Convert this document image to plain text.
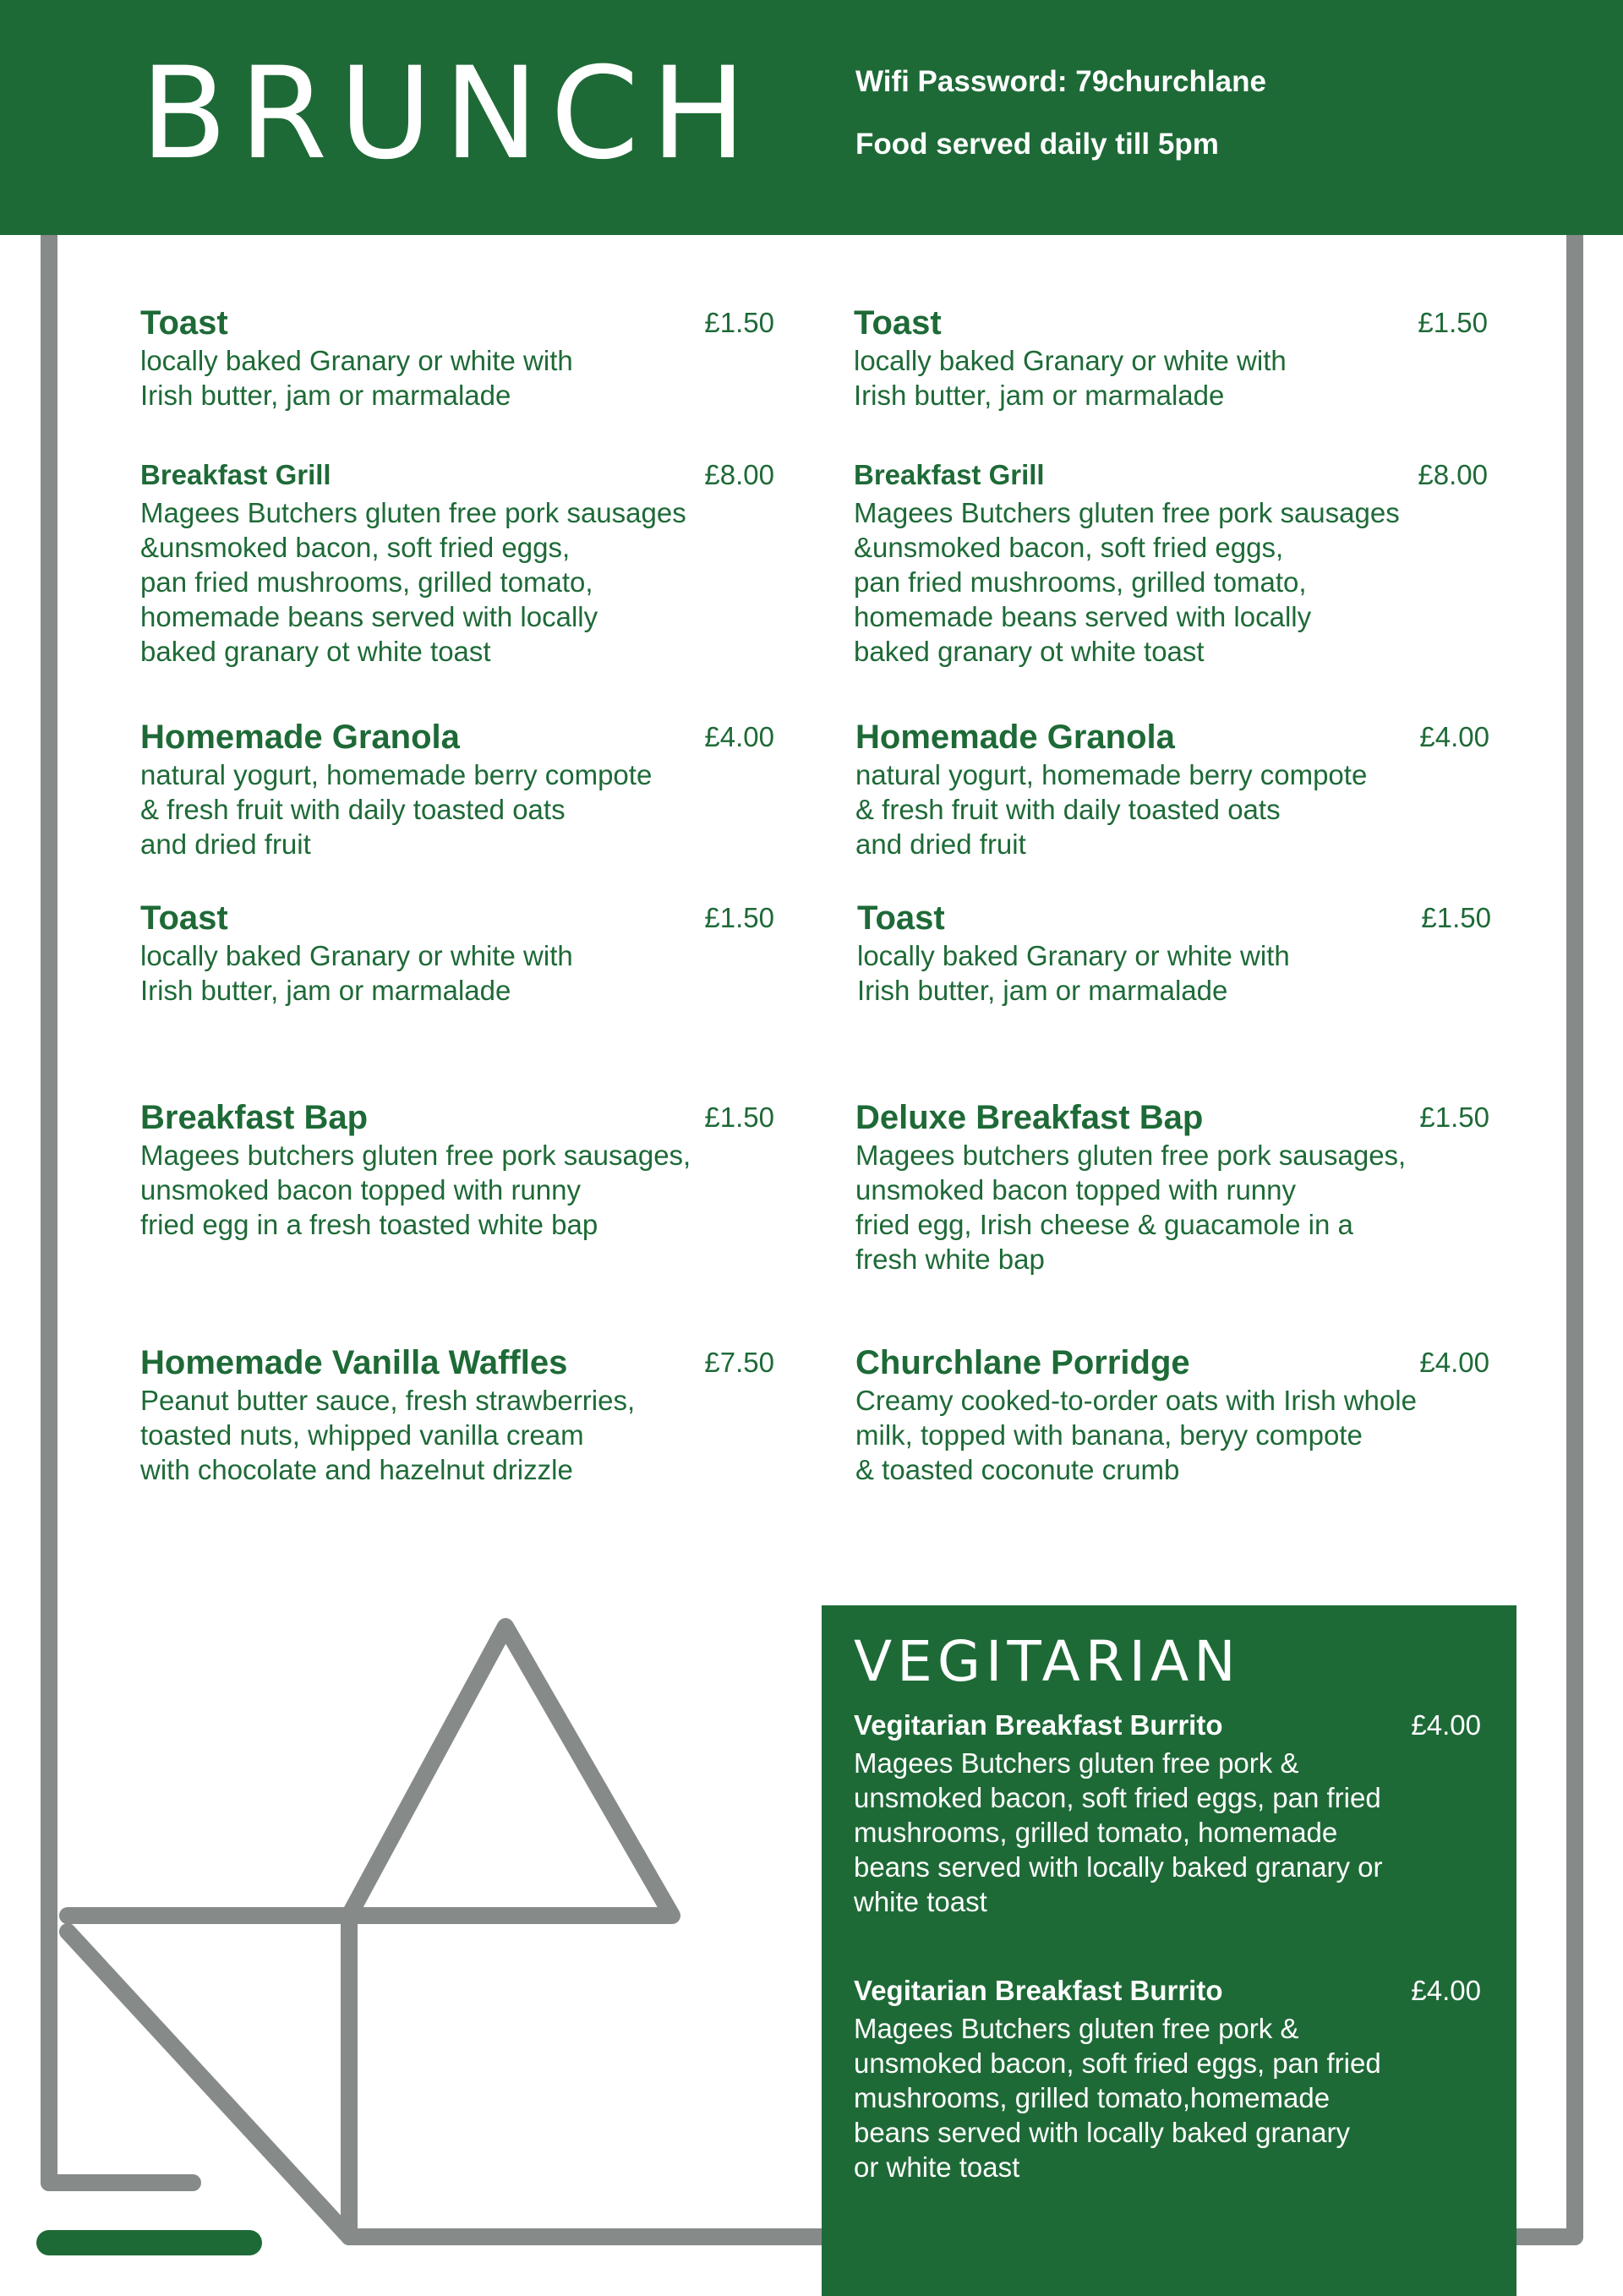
BRUNCH	Wifi Password: 79churchlane
Food served daily till 5pm
Toast	£1.50
locally baked Granary or white with
Irish butter, jam or marmalade
Breakfast Grill	£8.00
Magees Butchers gluten free pork sausages
&unsmoked bacon, soft fried eggs,
pan fried mushrooms, grilled tomato,
homemade beans served with locally
baked granary ot white toast
Homemade Granola	£4.00
natural yogurt, homemade berry compote
& fresh fruit with daily toasted oats
and dried fruit
Toast	£1.50
locally baked Granary or white with
Irish butter, jam or marmalade
Breakfast Bap	£1.50
Magees butchers gluten free pork sausages,
unsmoked bacon topped with runny
fried egg in a fresh toasted white bap
Homemade Vanilla Waffles	£7.50
Peanut butter sauce, fresh strawberries,
toasted nuts, whipped vanilla cream
with chocolate and hazelnut drizzle
Toast	£1.50
locally baked Granary or white with
Irish butter, jam or marmalade
Breakfast Grill	£8.00
Magees Butchers gluten free pork sausages
&unsmoked bacon, soft fried eggs,
pan fried mushrooms, grilled tomato,
homemade beans served with locally
baked granary ot white toast
Homemade Granola	£4.00
natural yogurt, homemade berry compote
& fresh fruit with daily toasted oats
and dried fruit
Toast	£1.50
locally baked Granary or white with
Irish butter, jam or marmalade
Deluxe Breakfast Bap	£1.50
Magees butchers gluten free pork sausages,
unsmoked bacon topped with runny
fried egg, Irish cheese & guacamole in a
fresh white bap
Churchlane Porridge	£4.00
Creamy cooked-to-order oats with Irish whole
milk, topped with banana, beryy compote
& toasted coconute crumb
VEGITARIAN
Vegitarian Breakfast Burrito	£4.00
Magees Butchers gluten free pork &
unsmoked bacon, soft fried eggs, pan fried
mushrooms, grilled tomato, homemade
beans served with locally baked granary or
white toast
Vegitarian Breakfast Burrito	£4.00
Magees Butchers gluten free pork &
unsmoked bacon, soft fried eggs, pan fried
mushrooms, grilled tomato,homemade
beans served with locally baked granary
or white toast
